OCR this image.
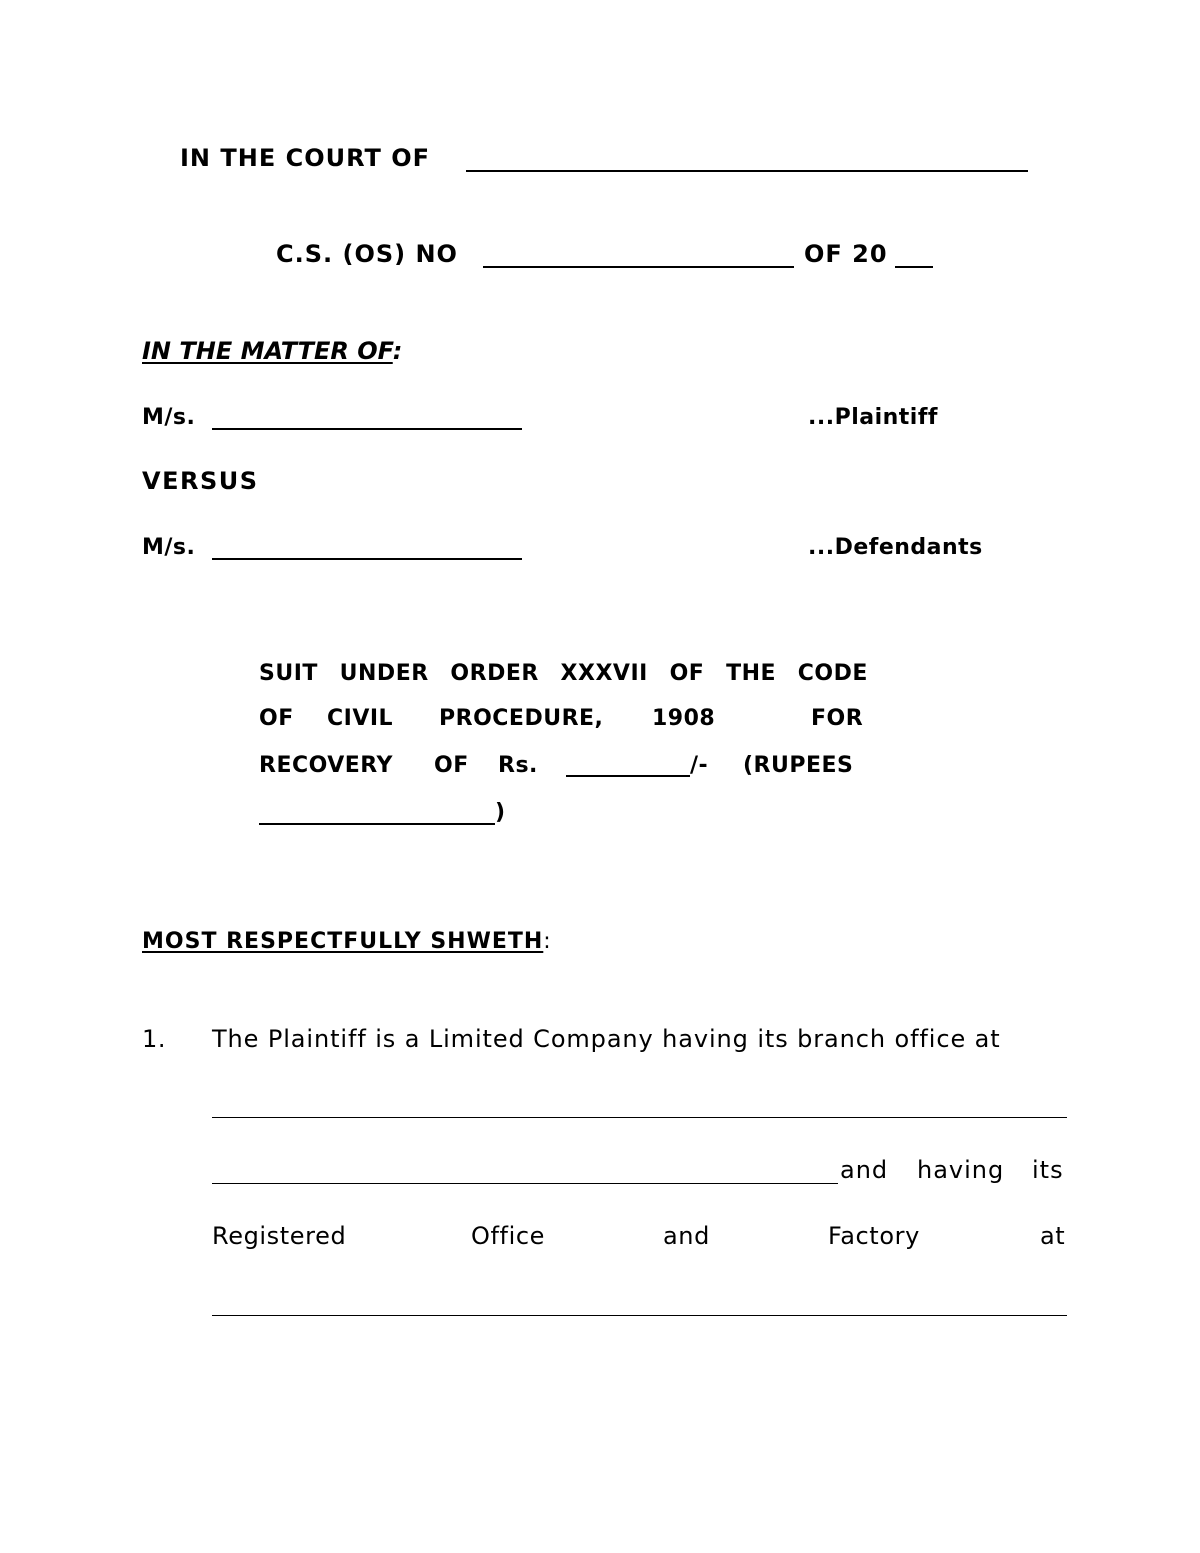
IN THE COURT OF
C.S. (OS) NO	OF 20
IN THE MATTER OF:
M/s.	...Plaintiff
VERSUS
M/s.	...Defendants
SUIT UNDER ORDER XXXVII OF THE CODE
OF CIVIL PROCEDURE, 1908	FOR
RECOVERY OF Rs.	/- (RUPEES
)
MOST RESPECTFULLY SHWETH:
1. The Plaintiff is a Limited Company having its branch office at
and having its
Registered	Office	and	Factory	at
